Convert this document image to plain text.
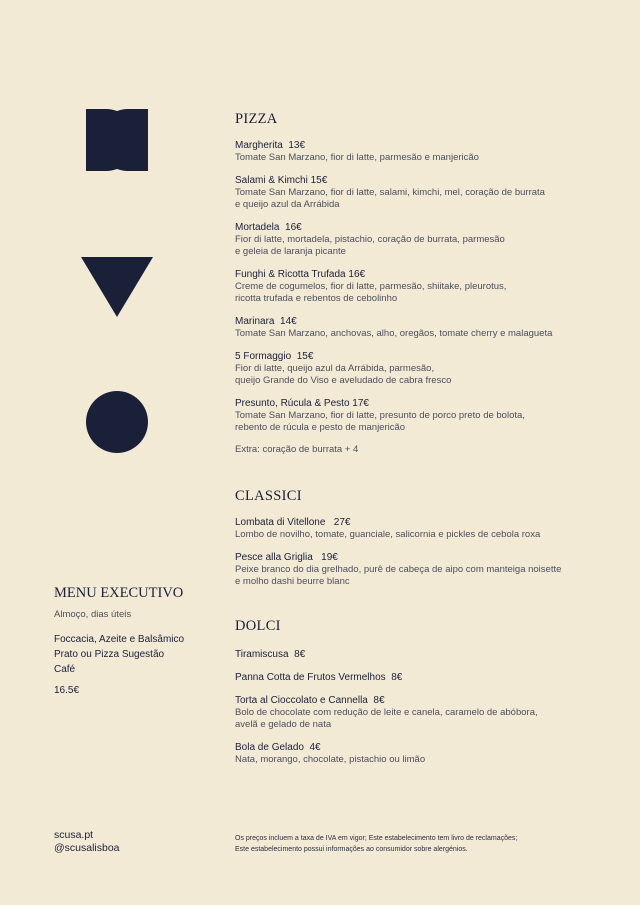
PIZZA
Margherita  13€
Tomate San Marzano, fior di latte, parmesão e manjericão
Salami & Kimchi 15€
Tomate San Marzano, fior di latte, salami, kimchi, mel, coração de burrata
e queijo azul da Arrábida
Mortadela  16€
Fior di latte, mortadela, pistachio, coração de burrata, parmesão
e geleia de laranja picante
Funghi & Ricotta Trufada 16€
Creme de cogumelos, fior di latte, parmesão, shiitake, pleurotus,
ricotta trufada e rebentos de cebolinho
Marinara  14€
Tomate San Marzano, anchovas, alho, oregãos, tomate cherry e malagueta
5 Formaggio  15€
Fior di latte, queijo azul da Arrábida, parmesão,
queijo Grande do Viso e aveludado de cabra fresco
Presunto, Rúcula & Pesto 17€
Tomate San Marzano, fior di latte, presunto de porco preto de bolota,
rebento de rúcula e pesto de manjericão
Extra: coração de burrata + 4
CLASSICI
Lombata di Vitellone   27€
Lombo de novilho, tomate, guanciale, salicornia e pickles de cebola roxa
Pesce alla Griglia   19€
Peixe branco do dia grelhado, purê de cabeça de aipo com manteiga noisette
e molho dashi beurre blanc
DOLCI
Tiramiscusa  8€
Panna Cotta de Frutos Vermelhos  8€
Torta al Cioccolato e Cannella  8€
Bolo de chocolate com redução de leite e canela, caramelo de abóbora,
avelã e gelado de nata
Bola de Gelado  4€
Nata, morango, chocolate, pistachio ou limão
MENU EXECUTIVO
Almoço, dias úteis
Foccacia, Azeite e Balsâmico
Prato ou Pizza Sugestão
Café
16.5€
scusa.pt
@scusalisboa
Os preços incluem a taxa de IVA em vigor; Este estabelecimento tem livro de reclamações;
Este estabelecimento possui informações ao consumidor sobre alergénios.
